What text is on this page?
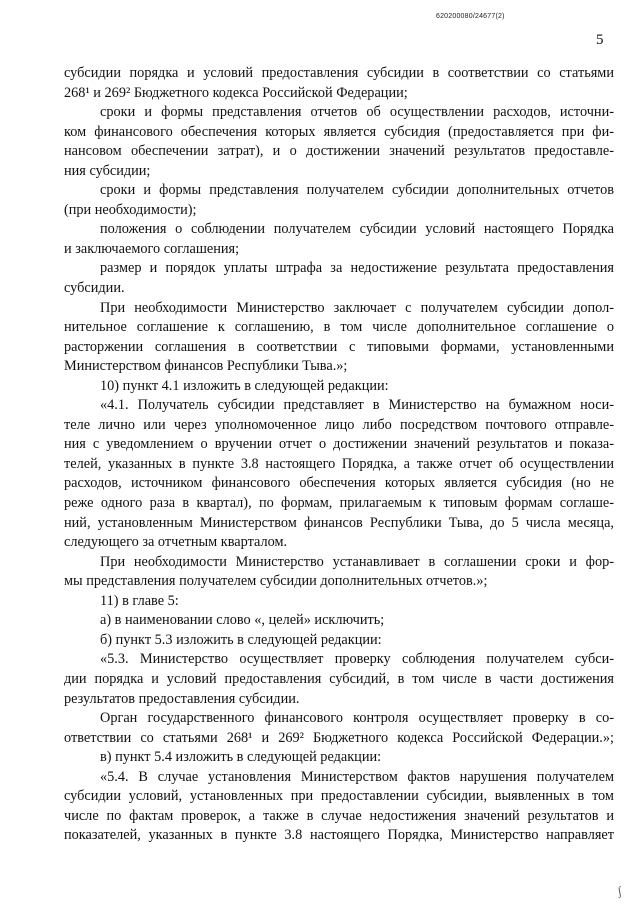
620200080/24677(2)
5
субсидии порядка и условий предоставления субсидии в соответствии со статьями
268¹ и 269² Бюджетного кодекса Российской Федерации;
сроки и формы представления отчетов об осуществлении расходов, источни-
ком финансового обеспечения которых является субсидия (предоставляется при фи-
нансовом обеспечении затрат), и о достижении значений результатов предоставле-
ния субсидии;
сроки и формы представления получателем субсидии дополнительных отчетов
(при необходимости);
положения о соблюдении получателем субсидии условий настоящего Порядка
и заключаемого соглашения;
размер и порядок уплаты штрафа за недостижение результата предоставления
субсидии.
При необходимости Министерство заключает с получателем субсидии допол-
нительное соглашение к соглашению, в том числе дополнительное соглашение о
расторжении соглашения в соответствии с типовыми формами, установленными
Министерством финансов Республики Тыва.»;
10) пункт 4.1 изложить в следующей редакции:
«4.1. Получатель субсидии представляет в Министерство на бумажном носи-
теле лично или через уполномоченное лицо либо посредством почтового отправле-
ния с уведомлением о вручении отчет о достижении значений результатов и показа-
телей, указанных в пункте 3.8 настоящего Порядка, а также отчет об осуществлении
расходов, источником финансового обеспечения которых является субсидия (но не
реже одного раза в квартал), по формам, прилагаемым к типовым формам соглаше-
ний, установленным Министерством финансов Республики Тыва, до 5 числа месяца,
следующего за отчетным кварталом.
При необходимости Министерство устанавливает в соглашении сроки и фор-
мы представления получателем субсидии дополнительных отчетов.»;
11) в главе 5:
а) в наименовании слово «, целей» исключить;
б) пункт 5.3 изложить в следующей редакции:
«5.3. Министерство осуществляет проверку соблюдения получателем субси-
дии порядка и условий предоставления субсидий, в том числе в части достижения
результатов предоставления субсидии.
Орган государственного финансового контроля осуществляет проверку в со-
ответствии со статьями 268¹ и 269² Бюджетного кодекса Российской Федерации.»;
в) пункт 5.4 изложить в следующей редакции:
«5.4. В случае установления Министерством фактов нарушения получателем
субсидии условий, установленных при предоставлении субсидии, выявленных в том
числе по фактам проверок, а также в случае недостижения значений результатов и
показателей, указанных в пункте 3.8 настоящего Порядка, Министерство направляет
ʃ
